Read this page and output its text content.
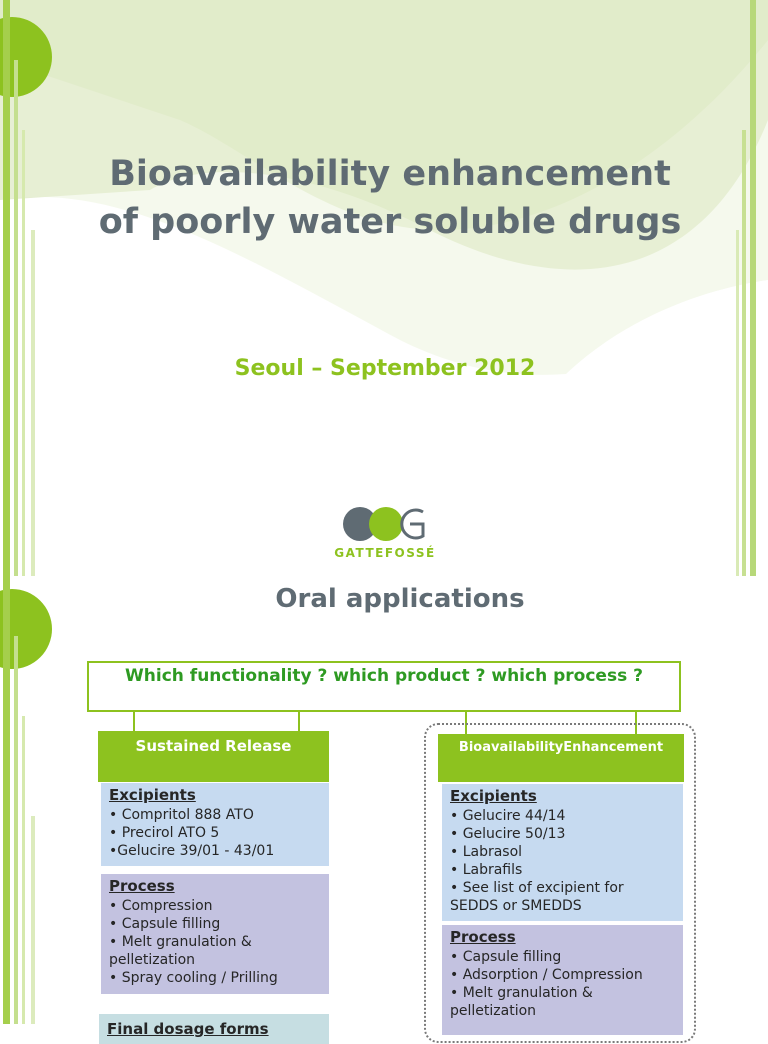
Bioavailability enhancement
of poorly water soluble drugs
Seoul – September 2012
GATTEFOSSÉ
Oral applications
Which functionality ? which product ? which process ?
Sustained Release
Excipients
• Compritol 888 ATO
• Precirol ATO 5
•Gelucire 39/01 - 43/01
Process
• Compression
• Capsule filling
• Melt granulation & pelletization
• Spray cooling / Prilling
Final dosage forms
BioavailabilityEnhancement
Excipients
• Gelucire 44/14
• Gelucire 50/13
• Labrasol
• Labrafils
• See list of excipient for SEDDS or SMEDDS
Process
• Capsule filling
• Adsorption / Compression
• Melt granulation & pelletization
